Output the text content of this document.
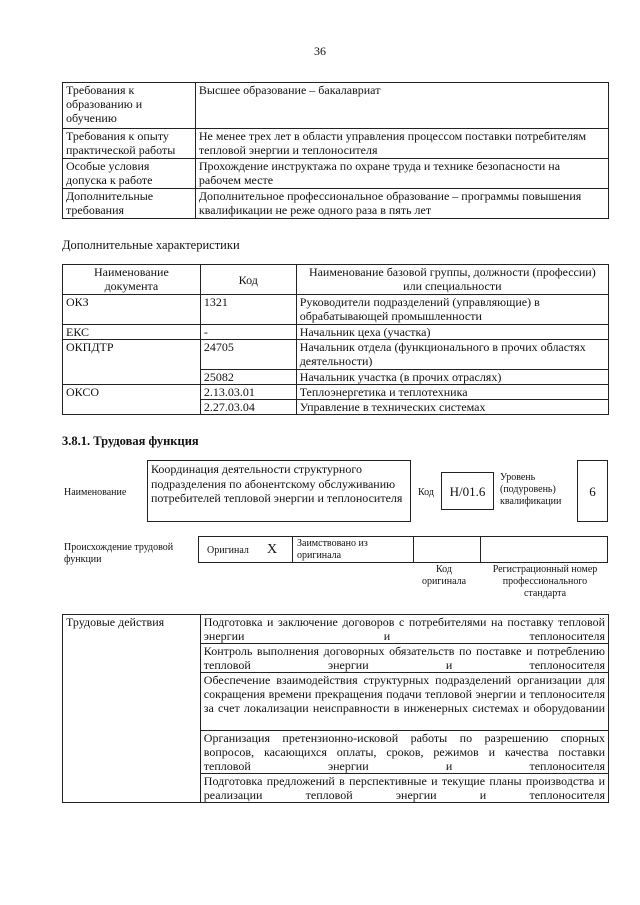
36
Требования к образованию и обучению	Высшее образование – бакалавриат
Требования к опыту практической работы	Не менее трех лет в области управления процессом поставки потребителям тепловой энергии и теплоносителя
Особые условия допуска к работе	Прохождение инструктажа по охране труда и технике безопасности на рабочем месте
Дополнительные требования	Дополнительное профессиональное образование – программы повышения квалификации не реже одного раза в пять лет
Дополнительные характеристики
Наименование документа	Код	Наименование базовой группы, должности (профессии) или специальности
ОКЗ	1321	Руководители подразделений (управляющие) в обрабатывающей промышленности
ЕКС	-	Начальник цеха (участка)
ОКПДТР	24705	Начальник отдела (функционального в прочих областях деятельности)
	25082	Начальник участка (в прочих отраслях)
ОКСО	2.13.03.01	Теплоэнергетика и теплотехника
	2.27.03.04	Управление в технических системах
3.8.1. Трудовая функция
Наименование
Координация деятельности структурного подразделения по абонентскому обслуживанию потребителей тепловой энергии и теплоносителя	Код	H/01.6
Уровень (подуровень) квалификации
6
Происхождение трудовой функции
Оригинал X Заимствовано из оригинала
Код оригинала
Регистрационный номер профессионального стандарта
Трудовые действия	Подготовка и заключение договоров с потребителями на поставку тепловой энергии и теплоносителя
Контроль выполнения договорных обязательств по поставке и потреблению тепловой энергии и теплоносителя
Обеспечение взаимодействия структурных подразделений организации для сокращения времени прекращения подачи тепловой энергии и теплоносителя за счет локализации неисправности в инженерных системах и оборудовании
Организация претензионно-исковой работы по разрешению спорных вопросов, касающихся оплаты, сроков, режимов и качества поставки тепловой энергии и теплоносителя
Подготовка предложений в перспективные и текущие планы производства и реализации тепловой энергии и теплоносителя
